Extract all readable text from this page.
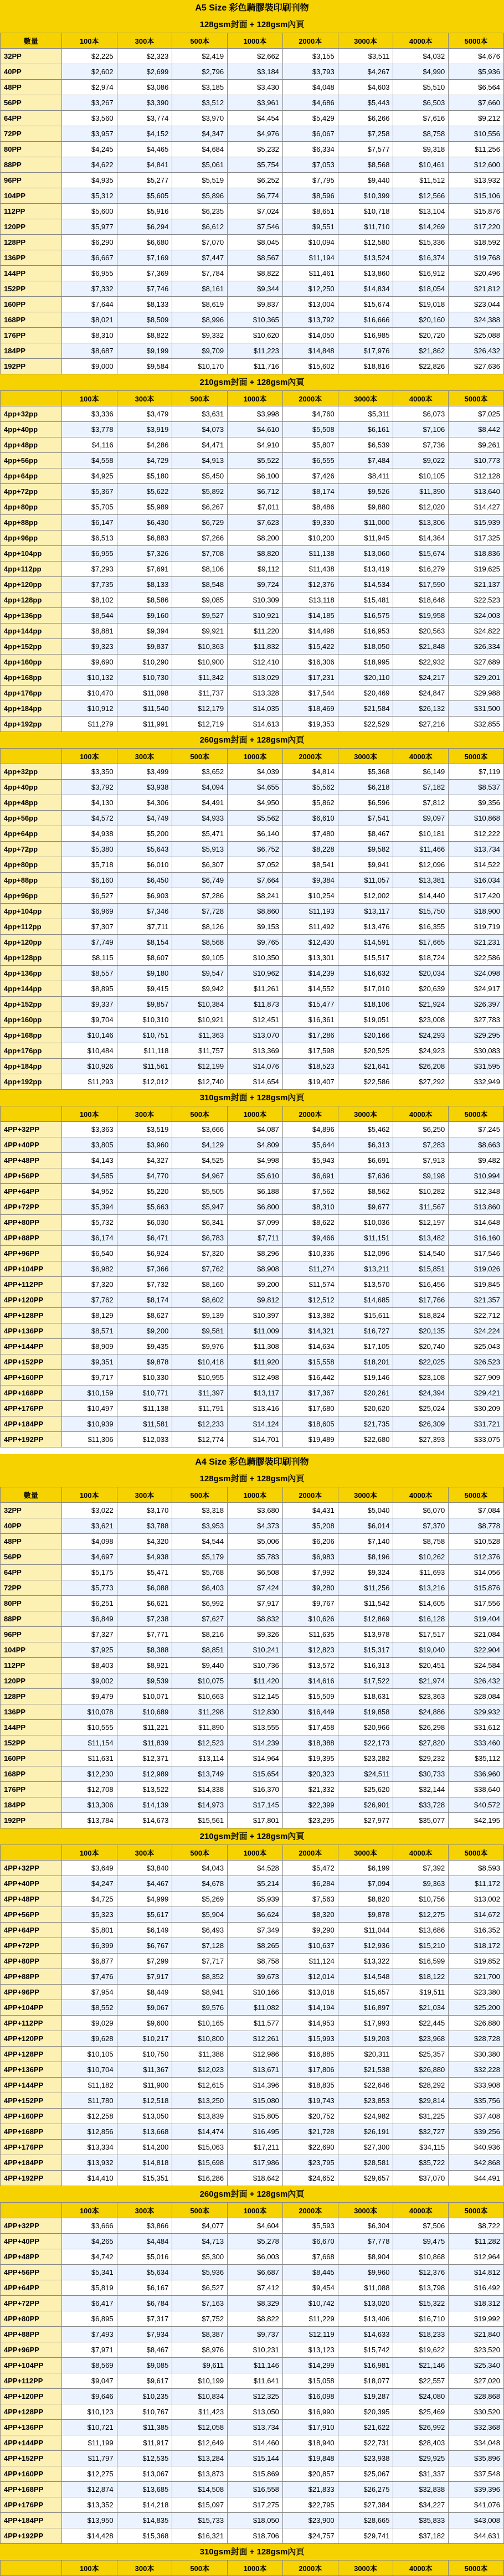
A5 Size 彩色騎膠裝印刷刊物
128gsm封面 + 128gsm內頁
數量	100本	300本	500本	1000本	2000本	3000本	4000本	5000本
32PP	$2,225	$2,323	$2,419	$2,662	$3,155	$3,511	$4,032	$4,676
40PP	$2,602	$2,699	$2,796	$3,184	$3,793	$4,267	$4,990	$5,936
48PP	$2,974	$3,086	$3,185	$3,430	$4,048	$4,603	$5,510	$6,564
56PP	$3,267	$3,390	$3,512	$3,961	$4,686	$5,443	$6,503	$7,660
64PP	$3,560	$3,774	$3,970	$4,454	$5,429	$6,266	$7,616	$9,212
72PP	$3,957	$4,152	$4,347	$4,976	$6,067	$7,258	$8,758	$10,556
80PP	$4,245	$4,465	$4,684	$5,232	$6,334	$7,577	$9,318	$11,256
88PP	$4,622	$4,841	$5,061	$5,754	$7,053	$8,568	$10,461	$12,600
96PP	$4,935	$5,277	$5,519	$6,252	$7,795	$9,440	$11,512	$13,932
104PP	$5,312	$5,605	$5,896	$6,774	$8,596	$10,399	$12,566	$15,106
112PP	$5,600	$5,916	$6,235	$7,024	$8,651	$10,718	$13,104	$15,876
120PP	$5,977	$6,294	$6,612	$7,546	$9,551	$11,710	$14,269	$17,220
128PP	$6,290	$6,680	$7,070	$8,045	$10,094	$12,580	$15,336	$18,592
136PP	$6,667	$7,169	$7,447	$8,567	$11,194	$13,524	$16,374	$19,768
144PP	$6,955	$7,369	$7,784	$8,822	$11,461	$13,860	$16,912	$20,496
152PP	$7,332	$7,746	$8,161	$9,344	$12,250	$14,834	$18,054	$21,812
160PP	$7,644	$8,133	$8,619	$9,837	$13,004	$15,674	$19,018	$23,044
168PP	$8,021	$8,509	$8,996	$10,365	$13,792	$16,666	$20,160	$24,388
176PP	$8,310	$8,822	$9,332	$10,620	$14,050	$16,985	$20,720	$25,088
184PP	$8,687	$9,199	$9,709	$11,223	$14,848	$17,976	$21,862	$26,432
192PP	$9,000	$9,584	$10,170	$11,716	$15,602	$18,816	$22,826	$27,636
210gsm封面 + 128gsm內頁
	100本	300本	500本	1000本	2000本	3000本	4000本	5000本
4pp+32pp	$3,336	$3,479	$3,631	$3,998	$4,760	$5,311	$6,073	$7,025
4pp+40pp	$3,778	$3,919	$4,073	$4,610	$5,508	$6,161	$7,106	$8,442
4pp+48pp	$4,116	$4,286	$4,471	$4,910	$5,807	$6,539	$7,736	$9,261
4pp+56pp	$4,558	$4,729	$4,913	$5,522	$6,555	$7,484	$9,022	$10,773
4pp+64pp	$4,925	$5,180	$5,450	$6,100	$7,426	$8,411	$10,105	$12,128
4pp+72pp	$5,367	$5,622	$5,892	$6,712	$8,174	$9,526	$11,390	$13,640
4pp+80pp	$5,705	$5,989	$6,267	$7,011	$8,486	$9,880	$12,020	$14,427
4pp+88pp	$6,147	$6,430	$6,729	$7,623	$9,330	$11,000	$13,306	$15,939
4pp+96pp	$6,513	$6,883	$7,266	$8,200	$10,200	$11,945	$14,364	$17,325
4pp+104pp	$6,955	$7,326	$7,708	$8,820	$11,138	$13,060	$15,674	$18,836
4pp+112pp	$7,293	$7,691	$8,106	$9,112	$11,438	$13,419	$16,279	$19,625
4pp+120pp	$7,735	$8,133	$8,548	$9,724	$12,376	$14,534	$17,590	$21,137
4pp+128pp	$8,102	$8,586	$9,085	$10,309	$13,118	$15,481	$18,648	$22,523
4pp+136pp	$8,544	$9,160	$9,527	$10,921	$14,185	$16,575	$19,958	$24,003
4pp+144pp	$8,881	$9,394	$9,921	$11,220	$14,498	$16,953	$20,563	$24,822
4pp+152pp	$9,323	$9,837	$10,363	$11,832	$15,422	$18,050	$21,848	$26,334
4pp+160pp	$9,690	$10,290	$10,900	$12,410	$16,306	$18,995	$22,932	$27,689
4pp+168pp	$10,132	$10,730	$11,342	$13,029	$17,231	$20,110	$24,217	$29,201
4pp+176pp	$10,470	$11,098	$11,737	$13,328	$17,544	$20,469	$24,847	$29,988
4pp+184pp	$10,912	$11,540	$12,179	$14,035	$18,469	$21,584	$26,132	$31,500
4pp+192pp	$11,279	$11,991	$12,719	$14,613	$19,353	$22,529	$27,216	$32,855
260gsm封面 + 128gsm內頁
	100本	300本	500本	1000本	2000本	3000本	4000本	5000本
4pp+32pp	$3,350	$3,499	$3,652	$4,039	$4,814	$5,368	$6,149	$7,119
4pp+40pp	$3,792	$3,938	$4,094	$4,655	$5,562	$6,218	$7,182	$8,537
4pp+48pp	$4,130	$4,306	$4,491	$4,950	$5,862	$6,596	$7,812	$9,356
4pp+56pp	$4,572	$4,749	$4,933	$5,562	$6,610	$7,541	$9,097	$10,868
4pp+64pp	$4,938	$5,200	$5,471	$6,140	$7,480	$8,467	$10,181	$12,222
4pp+72pp	$5,380	$5,643	$5,913	$6,752	$8,228	$9,582	$11,466	$13,734
4pp+80pp	$5,718	$6,010	$6,307	$7,052	$8,541	$9,941	$12,096	$14,522
4pp+88pp	$6,160	$6,450	$6,749	$7,664	$9,384	$11,057	$13,381	$16,034
4pp+96pp	$6,527	$6,903	$7,286	$8,241	$10,254	$12,002	$14,440	$17,420
4pp+104pp	$6,969	$7,346	$7,728	$8,860	$11,193	$13,117	$15,750	$18,900
4pp+112pp	$7,307	$7,711	$8,126	$9,153	$11,492	$13,476	$16,355	$19,719
4pp+120pp	$7,749	$8,154	$8,568	$9,765	$12,430	$14,591	$17,665	$21,231
4pp+128pp	$8,115	$8,607	$9,105	$10,350	$13,301	$15,517	$18,724	$22,586
4pp+136pp	$8,557	$9,180	$9,547	$10,962	$14,239	$16,632	$20,034	$24,098
4pp+144pp	$8,895	$9,415	$9,942	$11,261	$14,552	$17,010	$20,639	$24,917
4pp+152pp	$9,337	$9,857	$10,384	$11,873	$15,477	$18,106	$21,924	$26,397
4pp+160pp	$9,704	$10,310	$10,921	$12,451	$16,361	$19,051	$23,008	$27,783
4pp+168pp	$10,146	$10,751	$11,363	$13,070	$17,286	$20,166	$24,293	$29,295
4pp+176pp	$10,484	$11,118	$11,757	$13,369	$17,598	$20,525	$24,923	$30,083
4pp+184pp	$10,926	$11,561	$12,199	$14,076	$18,523	$21,641	$26,208	$31,595
4pp+192pp	$11,293	$12,012	$12,740	$14,654	$19,407	$22,586	$27,292	$32,949
310gsm封面 + 128gsm內頁
	100本	300本	500本	1000本	2000本	3000本	4000本	5000本
4PP+32PP	$3,363	$3,519	$3,666	$4,087	$4,896	$5,462	$6,250	$7,245
4PP+40PP	$3,805	$3,960	$4,129	$4,809	$5,644	$6,313	$7,283	$8,663
4PP+48PP	$4,143	$4,327	$4,525	$4,998	$5,943	$6,691	$7,913	$9,482
4PP+56PP	$4,585	$4,770	$4,967	$5,610	$6,691	$7,636	$9,198	$10,994
4PP+64PP	$4,952	$5,220	$5,505	$6,188	$7,562	$8,562	$10,282	$12,348
4PP+72PP	$5,394	$5,663	$5,947	$6,800	$8,310	$9,677	$11,567	$13,860
4PP+80PP	$5,732	$6,030	$6,341	$7,099	$8,622	$10,036	$12,197	$14,648
4PP+88PP	$6,174	$6,471	$6,783	$7,711	$9,466	$11,151	$13,482	$16,160
4PP+96PP	$6,540	$6,924	$7,320	$8,296	$10,336	$12,096	$14,540	$17,546
4PP+104PP	$6,982	$7,366	$7,762	$8,908	$11,274	$13,211	$15,851	$19,026
4PP+112PP	$7,320	$7,732	$8,160	$9,200	$11,574	$13,570	$16,456	$19,845
4PP+120PP	$7,762	$8,174	$8,602	$9,812	$12,512	$14,685	$17,766	$21,357
4PP+128PP	$8,129	$8,627	$9,139	$10,397	$13,382	$15,611	$18,824	$22,712
4PP+136PP	$8,571	$9,200	$9,581	$11,009	$14,321	$16,727	$20,135	$24,224
4PP+144PP	$8,909	$9,435	$9,976	$11,308	$14,634	$17,105	$20,740	$25,043
4PP+152PP	$9,351	$9,878	$10,418	$11,920	$15,558	$18,201	$22,025	$26,523
4PP+160PP	$9,717	$10,330	$10,955	$12,498	$16,442	$19,146	$23,108	$27,909
4PP+168PP	$10,159	$10,771	$11,397	$13,117	$17,367	$20,261	$24,394	$29,421
4PP+176PP	$10,497	$11,138	$11,791	$13,416	$17,680	$20,620	$25,024	$30,209
4PP+184PP	$10,939	$11,581	$12,233	$14,124	$18,605	$21,735	$26,309	$31,721
4PP+192PP	$11,306	$12,033	$12,774	$14,701	$19,489	$22,680	$27,393	$33,075
A4 Size 彩色騎膠裝印刷刊物
128gsm封面 + 128gsm內頁
數量	100本	300本	500本	1000本	2000本	3000本	4000本	5000本
32PP	$3,022	$3,170	$3,318	$3,680	$4,431	$5,040	$6,070	$7,084
40PP	$3,621	$3,788	$3,953	$4,373	$5,208	$6,014	$7,370	$8,778
48PP	$4,098	$4,320	$4,544	$5,006	$6,206	$7,140	$8,758	$10,528
56PP	$4,697	$4,938	$5,179	$5,783	$6,983	$8,196	$10,262	$12,376
64PP	$5,175	$5,471	$5,768	$6,508	$7,992	$9,324	$11,693	$14,056
72PP	$5,773	$6,088	$6,403	$7,424	$9,280	$11,256	$13,216	$15,876
80PP	$6,251	$6,621	$6,992	$7,917	$9,767	$11,542	$14,605	$17,556
88PP	$6,849	$7,238	$7,627	$8,832	$10,626	$12,869	$16,128	$19,404
96PP	$7,327	$7,771	$8,216	$9,326	$11,635	$13,978	$17,517	$21,084
104PP	$7,925	$8,388	$8,851	$10,241	$12,823	$15,317	$19,040	$22,904
112PP	$8,403	$8,921	$9,440	$10,736	$13,572	$16,313	$20,451	$24,584
120PP	$9,002	$9,539	$10,075	$11,420	$14,616	$17,522	$21,974	$26,432
128PP	$9,479	$10,071	$10,663	$12,145	$15,509	$18,631	$23,363	$28,084
136PP	$10,078	$10,689	$11,298	$12,830	$16,449	$19,858	$24,886	$29,932
144PP	$10,555	$11,221	$11,890	$13,555	$17,458	$20,966	$26,298	$31,612
152PP	$11,154	$11,839	$12,523	$14,239	$18,388	$22,173	$27,820	$33,460
160PP	$11,631	$12,371	$13,114	$14,964	$19,395	$23,282	$29,232	$35,112
168PP	$12,230	$12,989	$13,749	$15,654	$20,323	$24,511	$30,733	$36,960
176PP	$12,708	$13,522	$14,338	$16,370	$21,332	$25,620	$32,144	$38,640
184PP	$13,306	$14,139	$14,973	$17,145	$22,399	$26,901	$33,728	$40,572
192PP	$13,784	$14,673	$15,561	$17,801	$23,295	$27,977	$35,077	$42,195
210gsm封面 + 128gsm內頁
	100本	300本	500本	1000本	2000本	3000本	4000本	5000本
4PP+32PP	$3,649	$3,840	$4,043	$4,528	$5,472	$6,199	$7,392	$8,593
4PP+40PP	$4,247	$4,467	$4,678	$5,214	$6,284	$7,094	$9,363	$11,172
4PP+48PP	$4,725	$4,999	$5,269	$5,939	$7,563	$8,820	$10,756	$13,002
4PP+56PP	$5,323	$5,617	$5,904	$6,624	$8,320	$9,878	$12,275	$14,672
4PP+64PP	$5,801	$6,149	$6,493	$7,349	$9,290	$11,044	$13,686	$16,352
4PP+72PP	$6,399	$6,767	$7,128	$8,265	$10,637	$12,936	$15,210	$18,172
4PP+80PP	$6,877	$7,299	$7,717	$8,758	$11,124	$13,322	$16,599	$19,852
4PP+88PP	$7,476	$7,917	$8,352	$9,673	$12,014	$14,548	$18,122	$21,700
4PP+96PP	$7,954	$8,449	$8,941	$10,166	$13,018	$15,657	$19,511	$23,380
4PP+104PP	$8,552	$9,067	$9,576	$11,082	$14,194	$16,897	$21,034	$25,200
4PP+112PP	$9,029	$9,600	$10,165	$11,577	$14,953	$17,993	$22,445	$26,880
4PP+120PP	$9,628	$10,217	$10,800	$12,261	$15,993	$19,203	$23,968	$28,728
4PP+128PP	$10,105	$10,750	$11,388	$12,986	$16,885	$20,311	$25,357	$30,380
4PP+136PP	$10,704	$11,367	$12,023	$13,671	$17,806	$21,538	$26,880	$32,228
4PP+144PP	$11,182	$11,900	$12,615	$14,396	$18,835	$22,646	$28,292	$33,908
4PP+152PP	$11,780	$12,518	$13,250	$15,080	$19,743	$23,853	$29,814	$35,756
4PP+160PP	$12,258	$13,050	$13,839	$15,805	$20,752	$24,982	$31,225	$37,408
4PP+168PP	$12,856	$13,668	$14,474	$16,495	$21,728	$26,191	$32,727	$39,256
4PP+176PP	$13,334	$14,200	$15,063	$17,211	$22,690	$27,300	$34,115	$40,936
4PP+184PP	$13,932	$14,818	$15,698	$17,986	$23,795	$28,581	$35,722	$42,868
4PP+192PP	$14,410	$15,351	$16,286	$18,642	$24,652	$29,657	$37,070	$44,491
260gsm封面 + 128gsm內頁
	100本	300本	500本	1000本	2000本	3000本	4000本	5000本
4PP+32PP	$3,666	$3,866	$4,077	$4,604	$5,593	$6,304	$7,506	$8,722
4PP+40PP	$4,265	$4,484	$4,713	$5,278	$6,670	$7,778	$9,475	$11,282
4PP+48PP	$4,742	$5,016	$5,300	$6,003	$7,668	$8,904	$10,868	$12,964
4PP+56PP	$5,341	$5,634	$5,936	$6,687	$8,445	$9,960	$12,376	$14,812
4PP+64PP	$5,819	$6,167	$6,527	$7,412	$9,454	$11,088	$13,798	$16,492
4PP+72PP	$6,417	$6,784	$7,163	$8,329	$10,742	$13,020	$15,322	$18,312
4PP+80PP	$6,895	$7,317	$7,752	$8,822	$11,229	$13,406	$16,710	$19,992
4PP+88PP	$7,493	$7,934	$8,387	$9,737	$12,119	$14,633	$18,233	$21,840
4PP+96PP	$7,971	$8,467	$8,976	$10,231	$13,123	$15,742	$19,622	$23,520
4PP+104PP	$8,569	$9,085	$9,611	$11,146	$14,299	$16,981	$21,146	$25,340
4PP+112PP	$9,047	$9,617	$10,199	$11,641	$15,058	$18,077	$22,557	$27,020
4PP+120PP	$9,646	$10,235	$10,834	$12,325	$16,098	$19,287	$24,080	$28,868
4PP+128PP	$10,123	$10,767	$11,423	$13,050	$16,990	$20,395	$25,469	$30,520
4PP+136PP	$10,721	$11,385	$12,058	$13,734	$17,910	$21,622	$26,992	$32,368
4PP+144PP	$11,199	$11,917	$12,649	$14,460	$18,940	$22,731	$28,403	$34,048
4PP+152PP	$11,797	$12,535	$13,284	$15,144	$19,848	$23,938	$29,925	$35,896
4PP+160PP	$12,275	$13,067	$13,873	$15,869	$20,857	$25,067	$31,337	$37,548
4PP+168PP	$12,874	$13,685	$14,508	$16,558	$21,833	$26,275	$32,838	$39,396
4PP+176PP	$13,352	$14,218	$15,097	$17,275	$22,795	$27,384	$34,227	$41,076
4PP+184PP	$13,950	$14,835	$15,733	$18,050	$23,900	$28,665	$35,833	$43,008
4PP+192PP	$14,428	$15,368	$16,321	$18,706	$24,757	$29,741	$37,182	$44,631
310gsm封面 + 128gsm內頁
	100本	300本	500本	1000本	2000本	3000本	4000本	5000本
